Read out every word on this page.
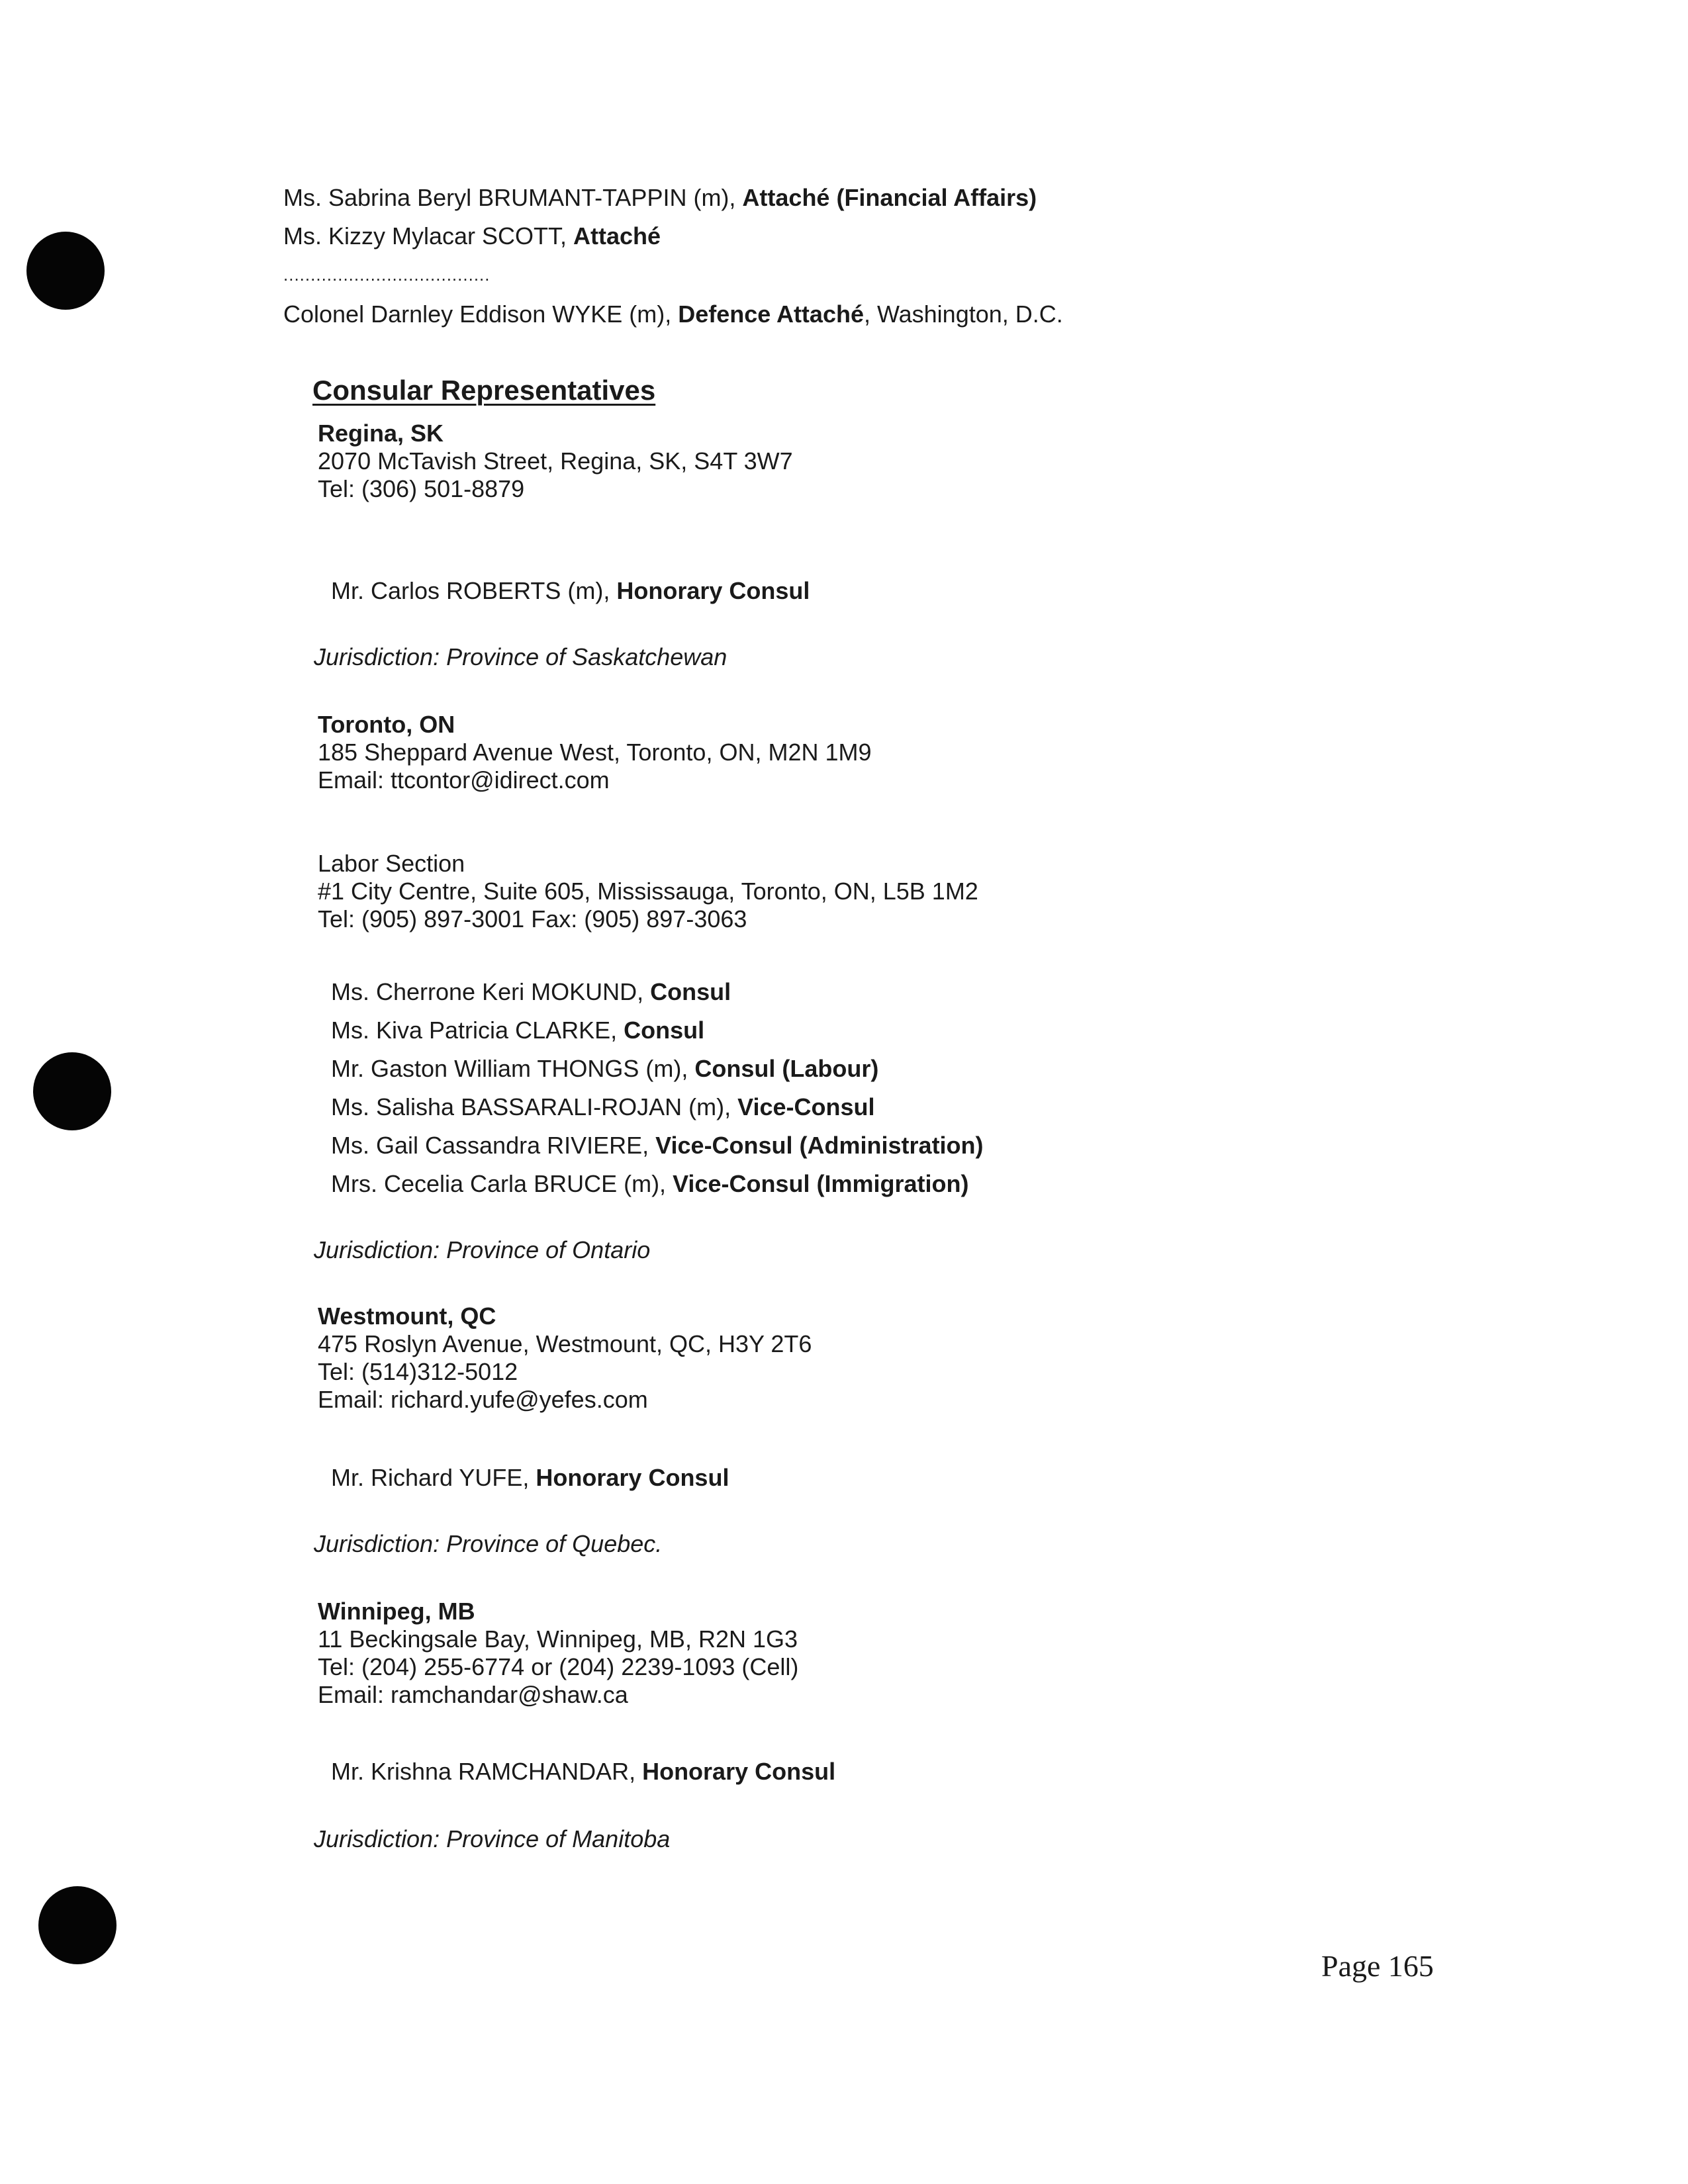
Ms. Sabrina Beryl BRUMANT-TAPPIN (m), Attaché (Financial Affairs)
Ms. Kizzy Mylacar SCOTT, Attaché
......................................
Colonel Darnley Eddison WYKE (m), Defence Attaché, Washington, D.C.
Consular Representatives
Regina, SK
2070 McTavish Street, Regina, SK, S4T 3W7
Tel: (306) 501-8879
Mr. Carlos ROBERTS (m), Honorary Consul
Jurisdiction: Province of Saskatchewan
Toronto, ON
185 Sheppard Avenue West, Toronto, ON, M2N 1M9
Email: ttcontor@idirect.com
Labor Section
#1 City Centre, Suite 605, Mississauga, Toronto, ON, L5B 1M2
Tel: (905) 897-3001 Fax: (905) 897-3063
Ms. Cherrone Keri MOKUND, Consul
Ms. Kiva Patricia CLARKE, Consul
Mr. Gaston William THONGS (m), Consul (Labour)
Ms. Salisha BASSARALI-ROJAN (m), Vice-Consul
Ms. Gail Cassandra RIVIERE, Vice-Consul (Administration)
Mrs. Cecelia Carla BRUCE (m), Vice-Consul (Immigration)
Jurisdiction: Province of Ontario
Westmount, QC
475 Roslyn Avenue, Westmount, QC, H3Y 2T6
Tel: (514)312-5012
Email: richard.yufe@yefes.com
Mr. Richard YUFE, Honorary Consul
Jurisdiction: Province of Quebec.
Winnipeg, MB
11 Beckingsale Bay, Winnipeg, MB, R2N 1G3
Tel: (204) 255-6774 or (204) 2239-1093 (Cell)
Email: ramchandar@shaw.ca
Mr. Krishna RAMCHANDAR, Honorary Consul
Jurisdiction: Province of Manitoba
Page 165
